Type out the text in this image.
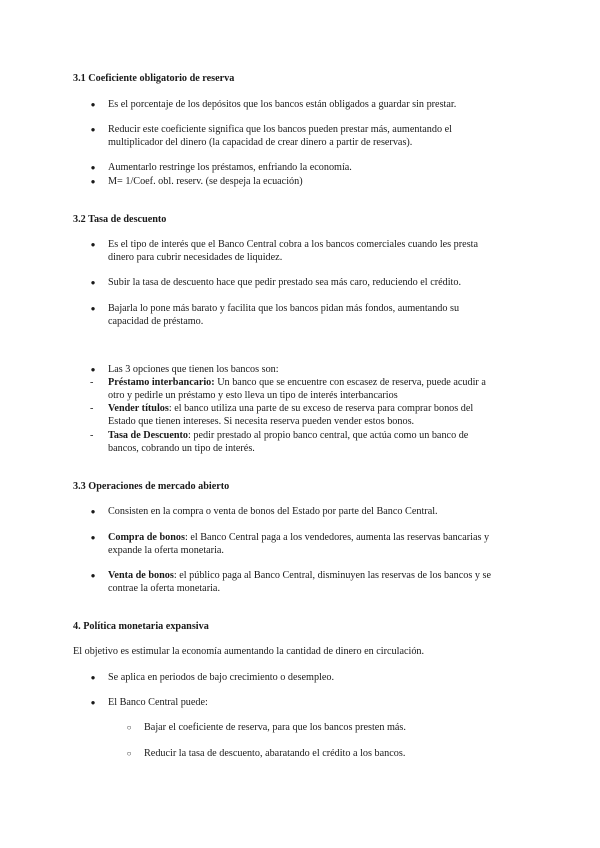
3.1 Coeficiente obligatorio de reserva
● Es el porcentaje de los depósitos que los bancos están obligados a guardar sin prestar.
● Reducir este coeficiente significa que los bancos pueden prestar más, aumentando el
multiplicador del dinero (la capacidad de crear dinero a partir de reservas).
● Aumentarlo restringe los préstamos, enfriando la economía.
● M= 1/Coef. obl. reserv. (se despeja la ecuación)
3.2 Tasa de descuento
● Es el tipo de interés que el Banco Central cobra a los bancos comerciales cuando les presta
dinero para cubrir necesidades de liquidez.
● Subir la tasa de descuento hace que pedir prestado sea más caro, reduciendo el crédito.
● Bajarla lo pone más barato y facilita que los bancos pidan más fondos, aumentando su
capacidad de préstamo.
● Las 3 opciones que tienen los bancos son:
-	Préstamo interbancario: Un banco que se encuentre con escasez de reserva, puede acudir a
otro y pedirle un préstamo y esto lleva un tipo de interés interbancarios
-	Vender títulos: el banco utiliza una parte de su exceso de reserva para comprar bonos del
Estado que tienen intereses. Si necesita reserva pueden vender estos bonos.
-	Tasa de Descuento: pedir prestado al propio banco central, que actúa como un banco de
bancos, cobrando un tipo de interés.
3.3 Operaciones de mercado abierto
● Consisten en la compra o venta de bonos del Estado por parte del Banco Central.
● Compra de bonos: el Banco Central paga a los vendedores, aumenta las reservas bancarias y
expande la oferta monetaria.
● Venta de bonos: el público paga al Banco Central, disminuyen las reservas de los bancos y se
contrae la oferta monetaria.
4. Política monetaria expansiva
El objetivo es estimular la economía aumentando la cantidad de dinero en circulación.
● Se aplica en periodos de bajo crecimiento o desempleo.
● El Banco Central puede:
○ Bajar el coeficiente de reserva, para que los bancos presten más.
○ Reducir la tasa de descuento, abaratando el crédito a los bancos.
